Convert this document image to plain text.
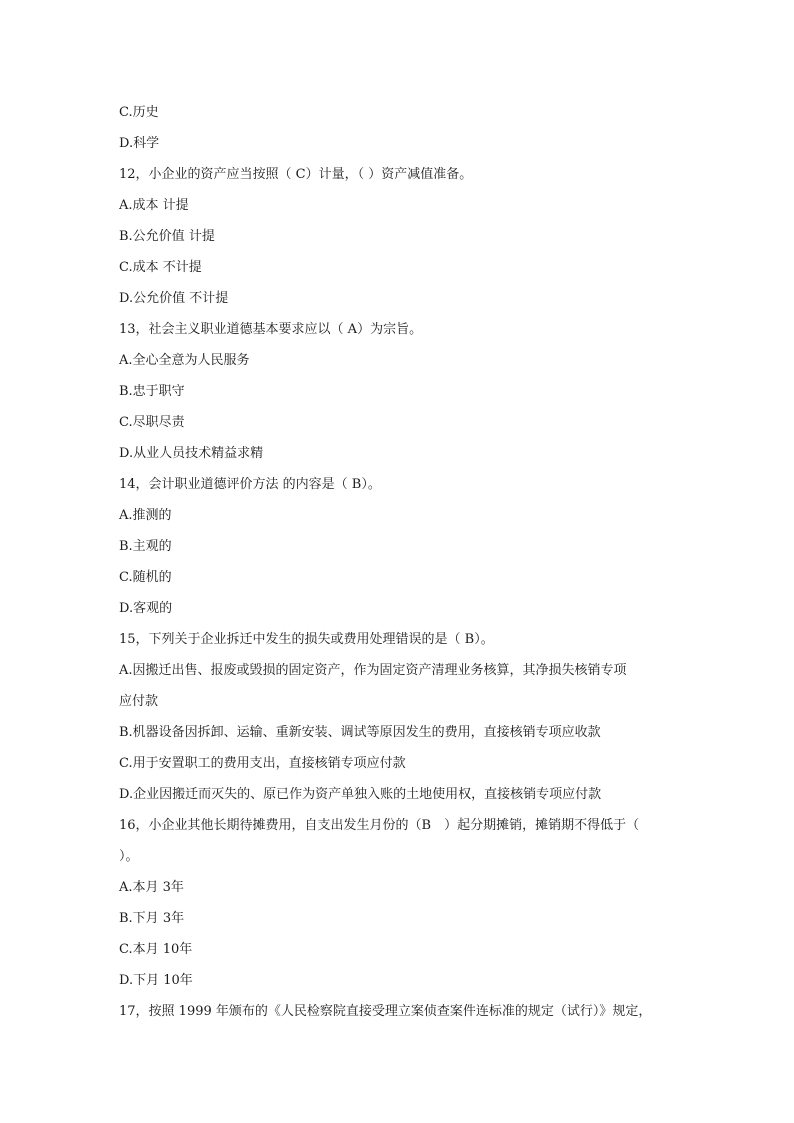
C.历史
D.科学
12，小企业的资产应当按照（ C）计量，（ ）资产减值准备。
A.成本 计提
B.公允价值 计提
C.成本 不计提
D.公允价值 不计提
13，社会主义职业道德基本要求应以（ A）为宗旨。
A.全心全意为人民服务
B.忠于职守
C.尽职尽责
D.从业人员技术精益求精
14，会计职业道德评价方法 的内容是（ B）。
A.推测的
B.主观的
C.随机的
D.客观的
15，下列关于企业拆迁中发生的损失或费用处理错误的是（ B）。
A.因搬迁出售、报废或毁损的固定资产，作为固定资产清理业务核算，其净损失核销专项
应付款
B.机器设备因拆卸、运输、重新安装、调试等原因发生的费用，直接核销专项应收款
C.用于安置职工的费用支出，直接核销专项应付款
D.企业因搬迁而灭失的、原已作为资产单独入账的土地使用权，直接核销专项应付款
16，小企业其他长期待摊费用，自支出发生月份的（B　）起分期摊销，摊销期不得低于（
）。
A.本月 3年
B.下月 3年
C.本月 10年
D.下月 10年
17，按照 1999 年颁布的《人民检察院直接受理立案侦查案件连标准的规定（试行）》规定，
